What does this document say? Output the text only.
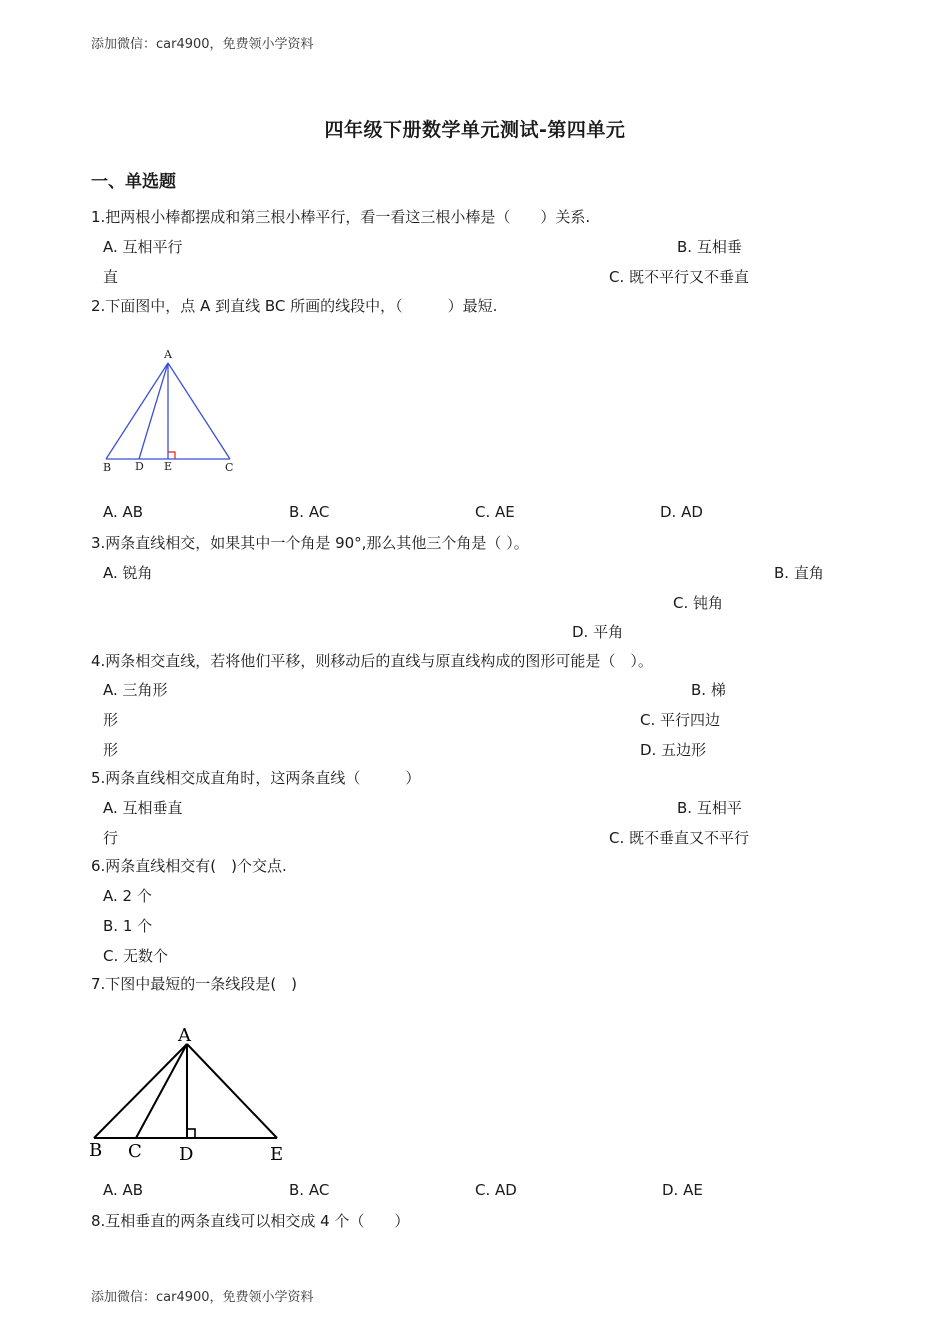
添加微信：car4900，免费领小学资料
四年级下册数学单元测试-第四单元
一、单选题
1.把两根小棒都摆成和第三根小棒平行，看一看这三根小棒是（　　）关系.
A. 互相平行	B. 互相垂
直	C. 既不平行又不垂直
2.下面图中，点 A 到直线 BC 所画的线段中，（　　　）最短.
A
B D E	C
A. AB	B. AC	C. AE	D. AD
3.两条直线相交，如果其中一个角是 90°,那么其他三个角是（ ）。
A. 锐角	B. 直角
C. 钝角
D. 平角
4.两条相交直线，若将他们平移，则移动后的直线与原直线构成的图形可能是（　）。
A. 三角形	B. 梯
形	C. 平行四边
形	D. 五边形
5.两条直线相交成直角时，这两条直线（　　　）
A. 互相垂直	B. 互相平
行	C. 既不垂直又不平行
6.两条直线相交有(　)个交点.
A. 2 个
B. 1 个
C. 无数个
7.下图中最短的一条线段是(　)
A
B C D	E
A. AB	B. AC	C. AD	D. AE
8.互相垂直的两条直线可以相交成 4 个（　　）
添加微信：car4900，免费领小学资料
